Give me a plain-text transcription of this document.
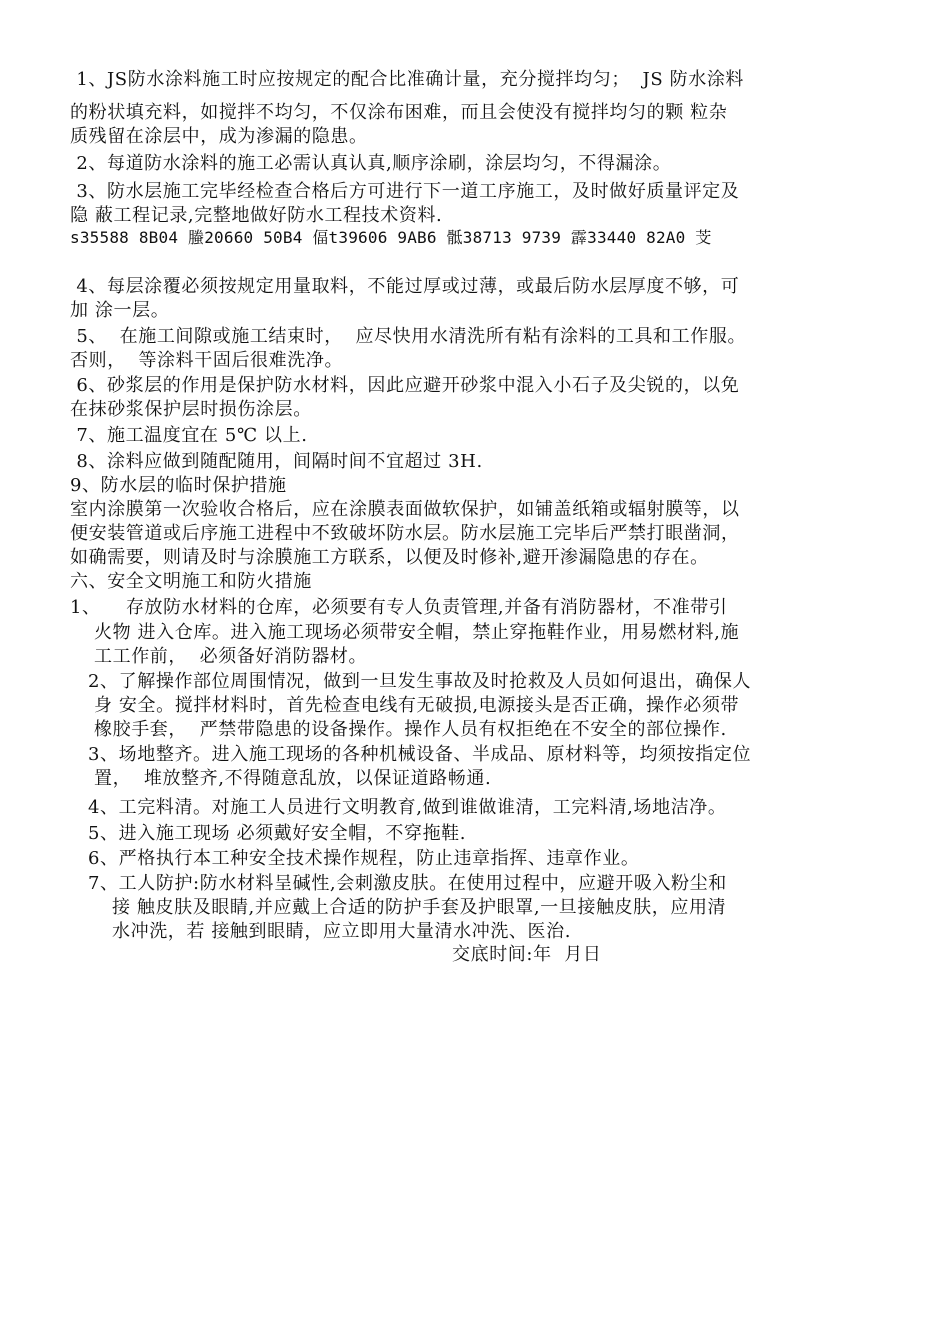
1、JS防水涂料施工时应按规定的配合比准确计量，充分搅拌均匀；  JS 防水涂料
的粉状填充料，如搅拌不均匀，不仅涂布困难，而且会使没有搅拌均匀的颗 粒杂
质残留在涂层中，成为渗漏的隐患。
2、每道防水涂料的施工必需认真认真,顺序涂刷，涂层均匀，不得漏涂。
3、防水层施工完毕经检查合格后方可进行下一道工序施工，及时做好质量评定及
隐 蔽工程记录,完整地做好防水工程技术资料.
s35588 8B04 螣20660 50B4 偪t39606 9AB6 骶38713 9739 霹33440 82A0 芠
4、每层涂覆必须按规定用量取料，不能过厚或过薄，或最后防水层厚度不够，可
加 涂一层。
5、  在施工间隙或施工结束时，  应尽快用水清洗所有粘有涂料的工具和工作服。
否则，  等涂料干固后很难洗净。
6、砂浆层的作用是保护防水材料，因此应避开砂浆中混入小石子及尖锐的，以免
在抹砂浆保护层时损伤涂层。
7、施工温度宜在 5℃ 以上.
8、涂料应做到随配随用，间隔时间不宜超过 3H.
9、防水层的临时保护措施
室内涂膜第一次验收合格后，应在涂膜表面做软保护，如铺盖纸箱或辐射膜等，以
便安装管道或后序施工进程中不致破坏防水层。防水层施工完毕后严禁打眼凿洞，
如确需要，则请及时与涂膜施工方联系，以便及时修补,避开渗漏隐患的存在。
六、安全文明施工和防火措施
1、    存放防水材料的仓库，必须要有专人负责管理,并备有消防器材，不准带引
火物 进入仓库。进入施工现场必须带安全帽，禁止穿拖鞋作业，用易燃材料,施
工工作前，  必须备好消防器材。
2、了解操作部位周围情况，做到一旦发生事故及时抢救及人员如何退出，确保人
身 安全。搅拌材料时，首先检查电线有无破损,电源接头是否正确，操作必须带
橡胶手套，  严禁带隐患的设备操作。操作人员有权拒绝在不安全的部位操作.
3、场地整齐。进入施工现场的各种机械设备、半成品、原材料等，均须按指定位
置，  堆放整齐,不得随意乱放，以保证道路畅通.
4、工完料清。对施工人员进行文明教育,做到谁做谁清，工完料清,场地洁净。
5、进入施工现场 必须戴好安全帽，不穿拖鞋.
6、严格执行本工种安全技术操作规程，防止违章指挥、违章作业。
7、工人防护:防水材料呈碱性,会刺激皮肤。在使用过程中，应避开吸入粉尘和
接 触皮肤及眼睛,并应戴上合适的防护手套及护眼罩,一旦接触皮肤，应用清
水冲洗，若 接触到眼睛，应立即用大量清水冲洗、医治.
交底时间:年  月日
